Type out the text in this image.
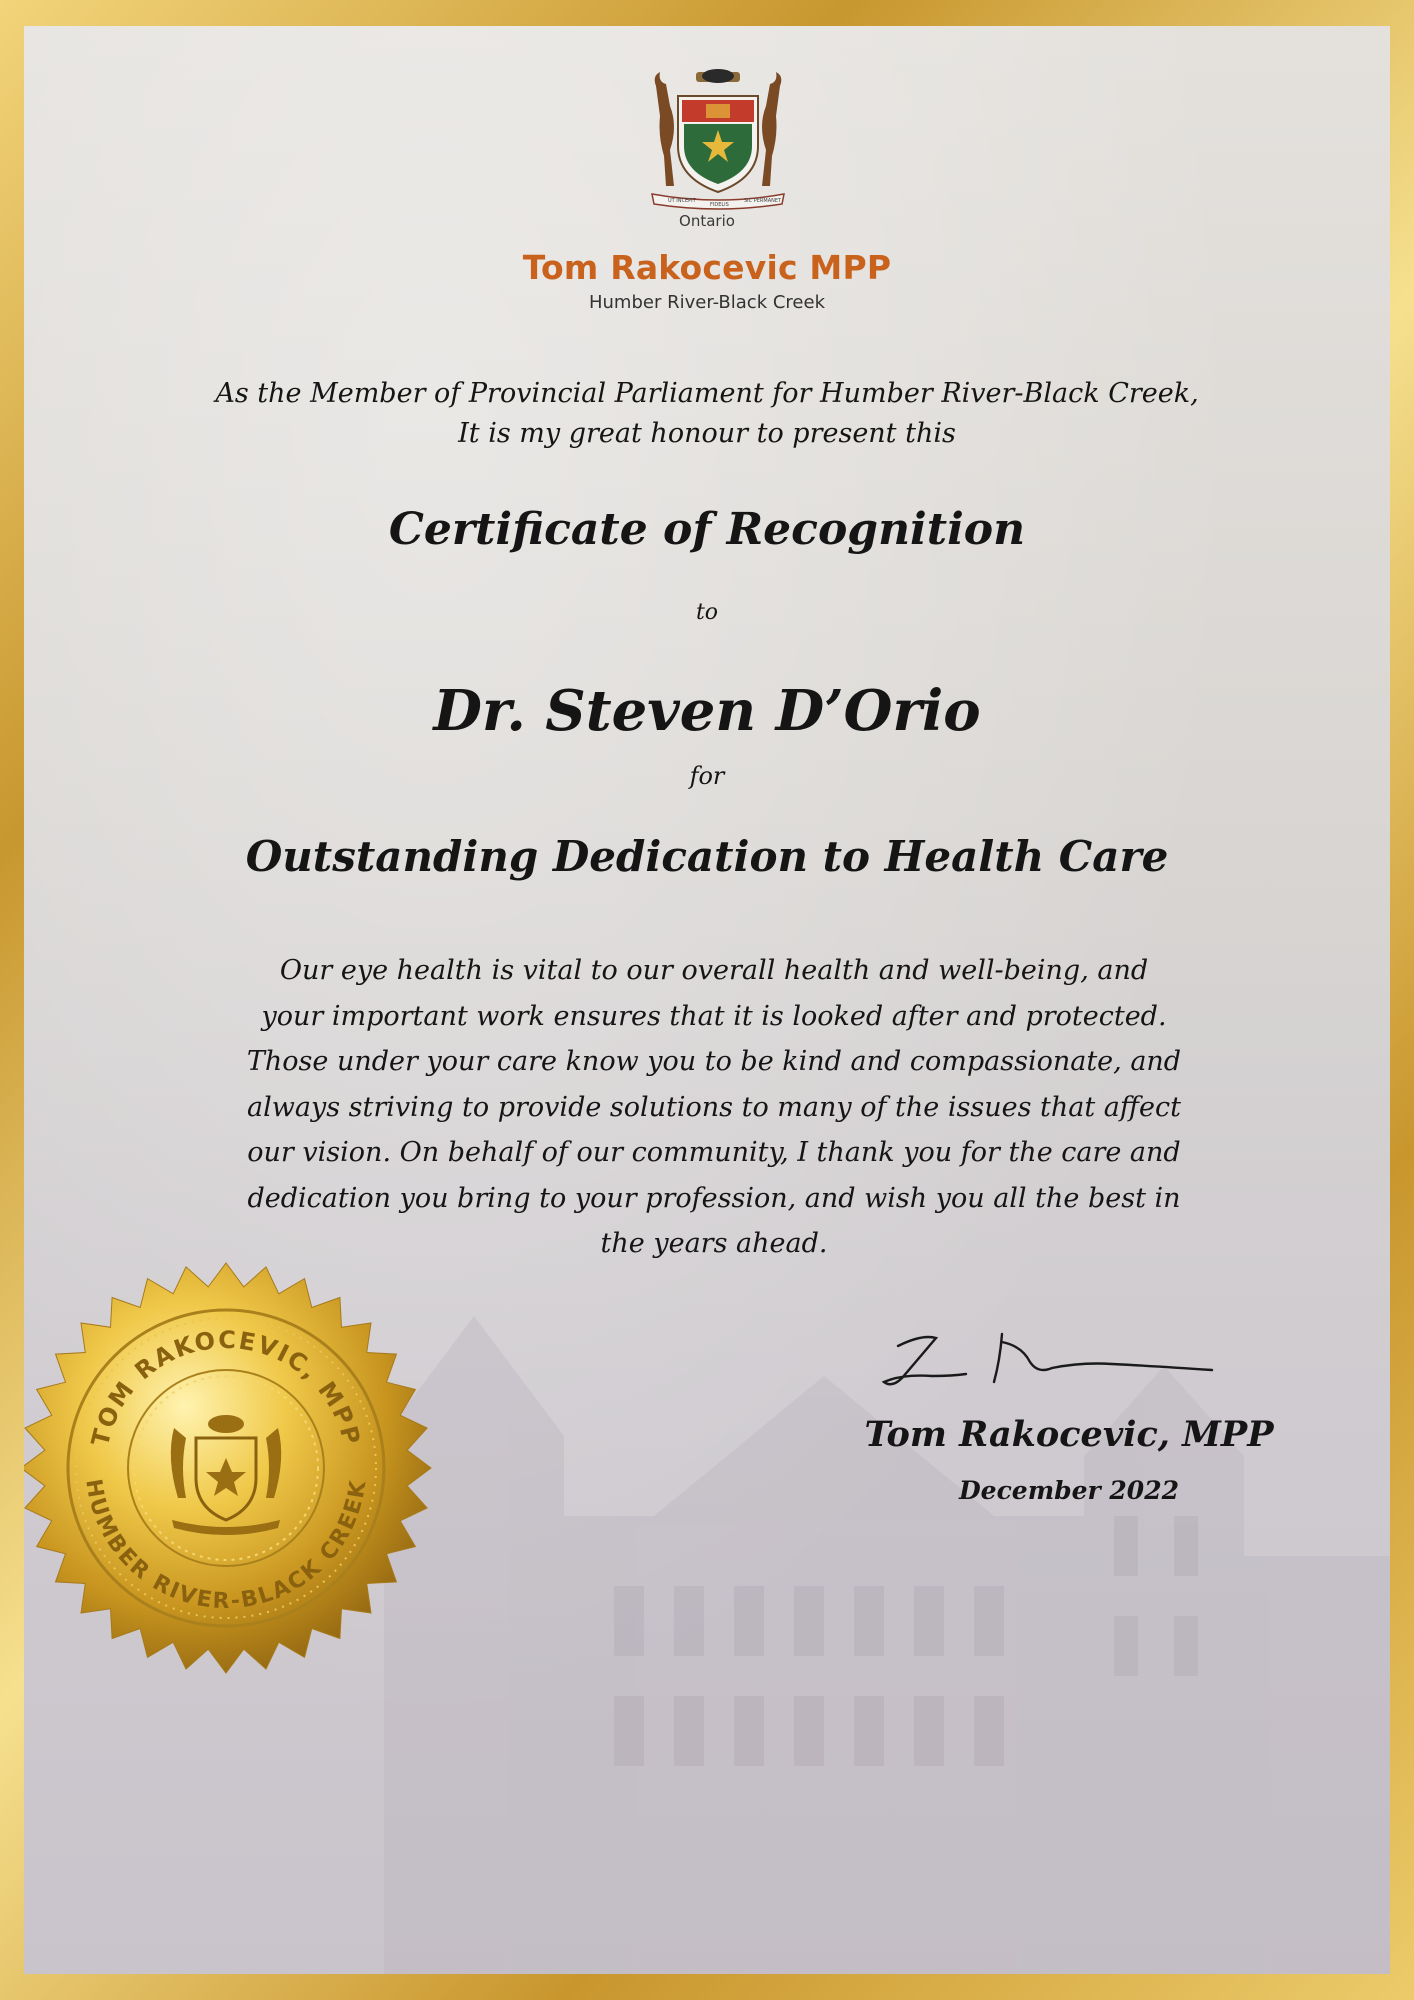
UT INCEPIT
FIDELIS
SIC PERMANET
Ontario
Tom Rakocevic MPP
Humber River-Black Creek
As the Member of Provincial Parliament for Humber River-Black Creek,
It is my great honour to present this
Certificate of Recognition
to
Dr. Steven D’Orio
for
Outstanding Dedication to Health Care
Our eye health is vital to our overall health and well-being, and
your important work ensures that it is looked after and protected.
Those under your care know you to be kind and compassionate, and
always striving to provide solutions to many of the issues that affect
our vision. On behalf of our community, I thank you for the care and
dedication you bring to your profession, and wish you all the best in
the years ahead.
Tom Rakocevic, MPP
December 2022
TOM RAKOCEVIC, MPP
HUMBER RIVER-BLACK CREEK
